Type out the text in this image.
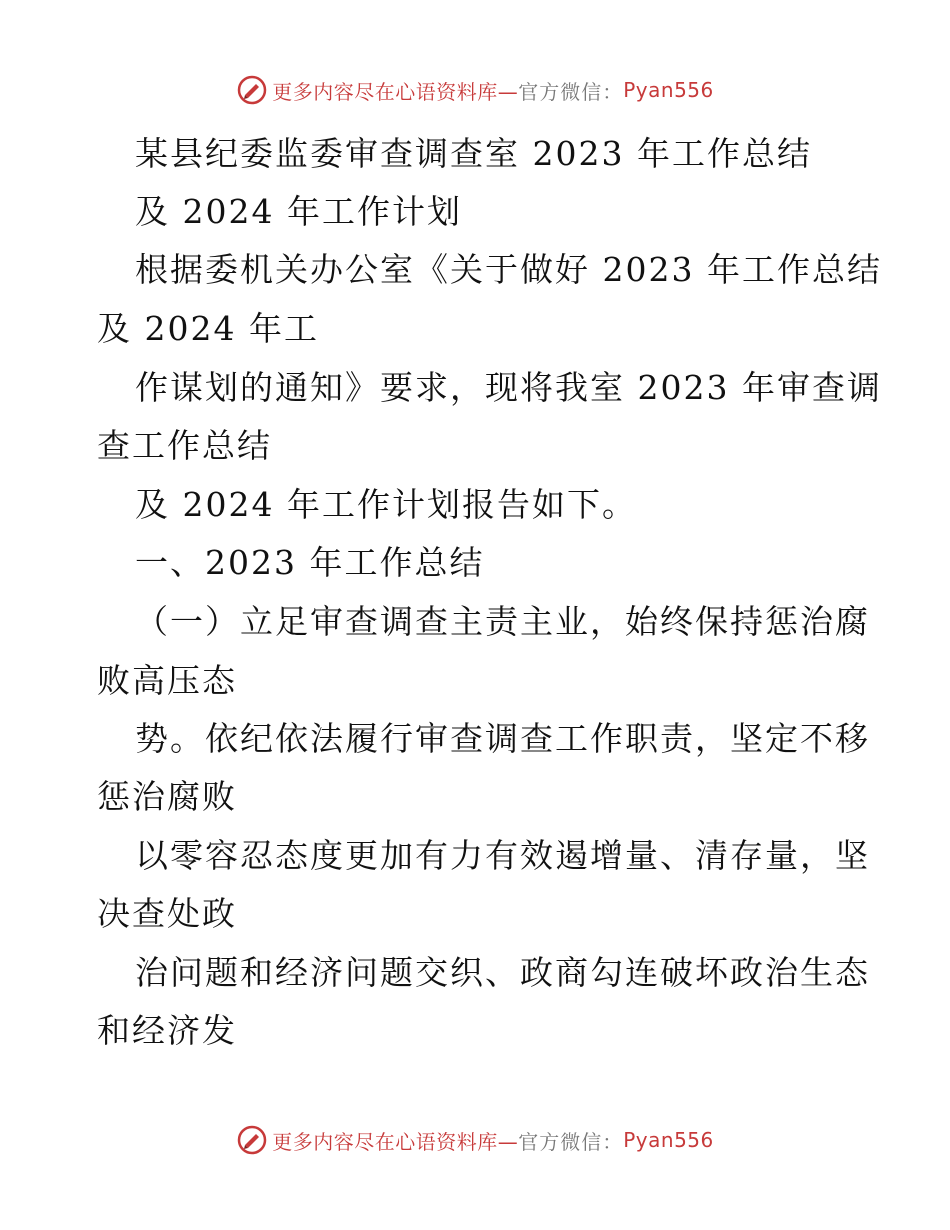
更多内容尽在心语资料库— 官方微信： Pyan556
某县纪委监委审查调查室 2023 年工作总结
及 2024 年工作计划
根据委机关办公室《关于做好 2023 年工作总结
及 2024 年工
作谋划的通知》要求，现将我室 2023 年审查调
查工作总结
及 2024 年工作计划报告如下。
一、2023 年工作总结
（一）立足审查调查主责主业，始终保持惩治腐
败高压态
势。依纪依法履行审查调查工作职责，坚定不移
惩治腐败
以零容忍态度更加有力有效遏增量、清存量，坚
决查处政
治问题和经济问题交织、政商勾连破坏政治生态
和经济发
更多内容尽在心语资料库— 官方微信： Pyan556
